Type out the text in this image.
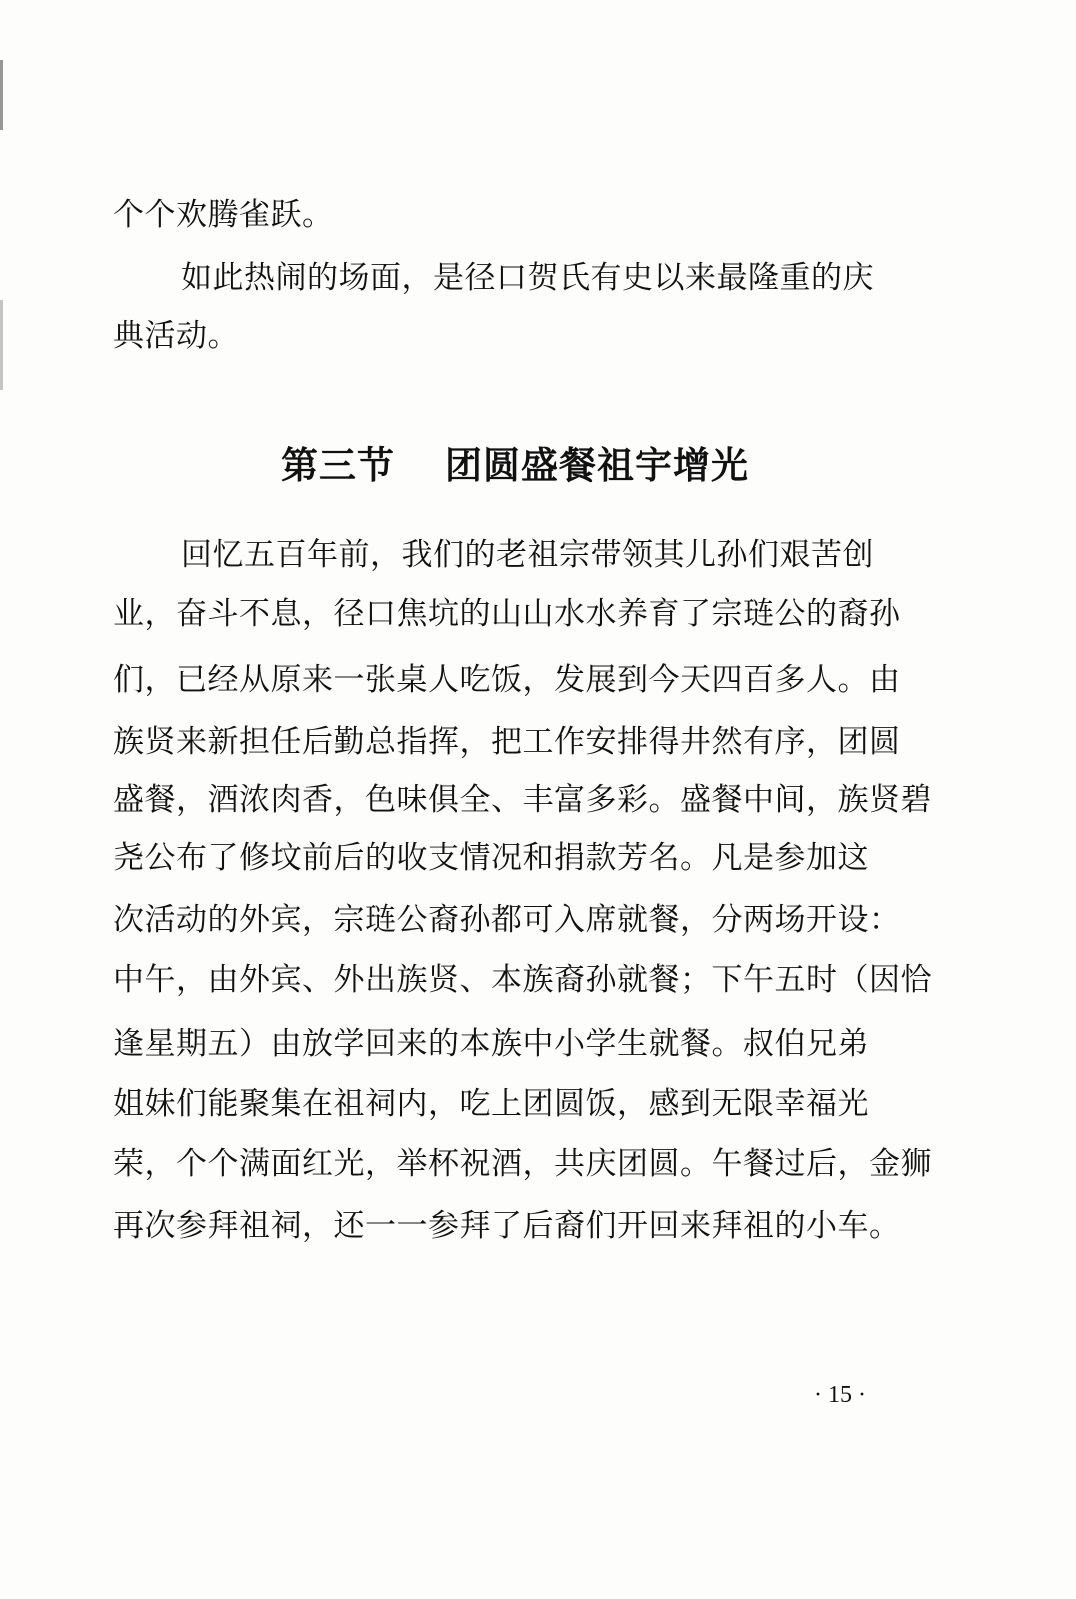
个个欢腾雀跃。
如此热闹的场面，是径口贺氏有史以来最隆重的庆
典活动。
第三节 团圆盛餐祖宇增光
回忆五百年前，我们的老祖宗带领其儿孙们艰苦创
业，奋斗不息，径口焦坑的山山水水养育了宗琏公的裔孙
们，已经从原来一张桌人吃饭，发展到今天四百多人。由
族贤来新担任后勤总指挥，把工作安排得井然有序，团圆
盛餐，酒浓肉香，色味俱全、丰富多彩。盛餐中间，族贤碧
尧公布了修坟前后的收支情况和捐款芳名。凡是参加这
次活动的外宾，宗琏公裔孙都可入席就餐，分两场开设：
中午，由外宾、外出族贤、本族裔孙就餐；下午五时（因恰
逢星期五）由放学回来的本族中小学生就餐。叔伯兄弟
姐妹们能聚集在祖祠内，吃上团圆饭，感到无限幸福光
荣，个个满面红光，举杯祝酒，共庆团圆。午餐过后，金狮
再次参拜祖祠，还一一参拜了后裔们开回来拜祖的小车。
· 15 ·
